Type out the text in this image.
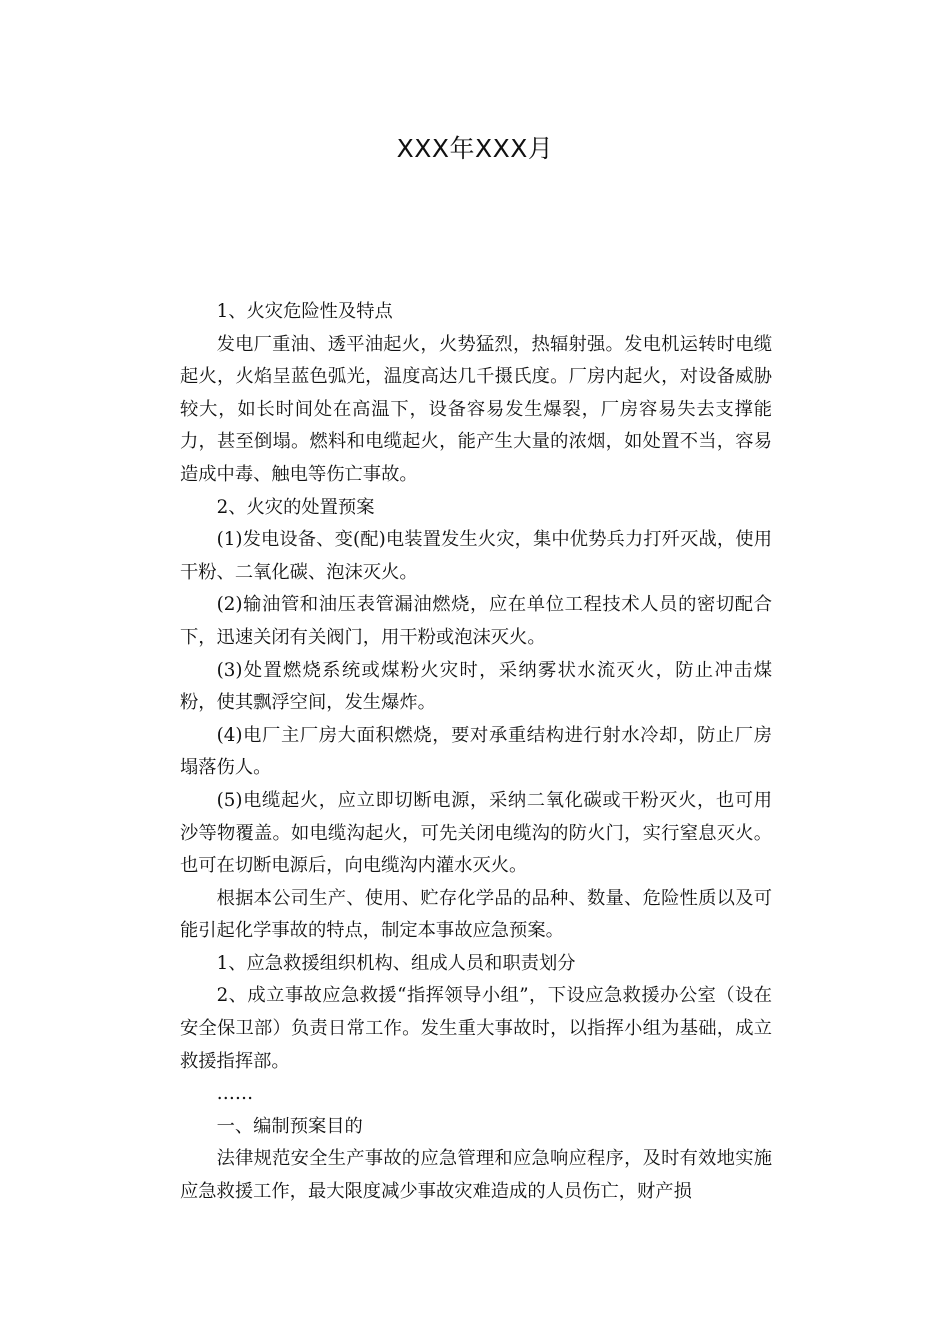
XXX年XXX月

1、火灾危险性及特点

发电厂重油、透平油起火，火势猛烈，热辐射强。发电机运转时电缆起火，火焰呈蓝色弧光，温度高达几千摄氏度。厂房内起火，对设备威胁较大，如长时间处在高温下，设备容易发生爆裂，厂房容易失去支撑能力，甚至倒塌。燃料和电缆起火，能产生大量的浓烟，如处置不当，容易造成中毒、触电等伤亡事故。

2、火灾的处置预案

(1)发电设备、变(配)电装置发生火灾，集中优势兵力打歼灭战，使用干粉、二氧化碳、泡沫灭火。

(2)输油管和油压表管漏油燃烧，应在单位工程技术人员的密切配合下，迅速关闭有关阀门，用干粉或泡沫灭火。

(3)处置燃烧系统或煤粉火灾时，采纳雾状水流灭火，防止冲击煤粉，使其飘浮空间，发生爆炸。

(4)电厂主厂房大面积燃烧，要对承重结构进行射水冷却，防止厂房塌落伤人。

(5)电缆起火，应立即切断电源，采纳二氧化碳或干粉灭火，也可用沙等物覆盖。如电缆沟起火，可先关闭电缆沟的防火门，实行窒息灭火。也可在切断电源后，向电缆沟内灌水灭火。

根据本公司生产、使用、贮存化学品的品种、数量、危险性质以及可能引起化学事故的特点，制定本事故应急预案。

1、应急救援组织机构、组成人员和职责划分

2、成立事故应急救援“指挥领导小组”，下设应急救援办公室（设在安全保卫部）负责日常工作。发生重大事故时，以指挥小组为基础，成立救援指挥部。

……

一、编制预案目的

法律规范安全生产事故的应急管理和应急响应程序，及时有效地实施应急救援工作，最大限度减少事故灾难造成的人员伤亡，财产损
